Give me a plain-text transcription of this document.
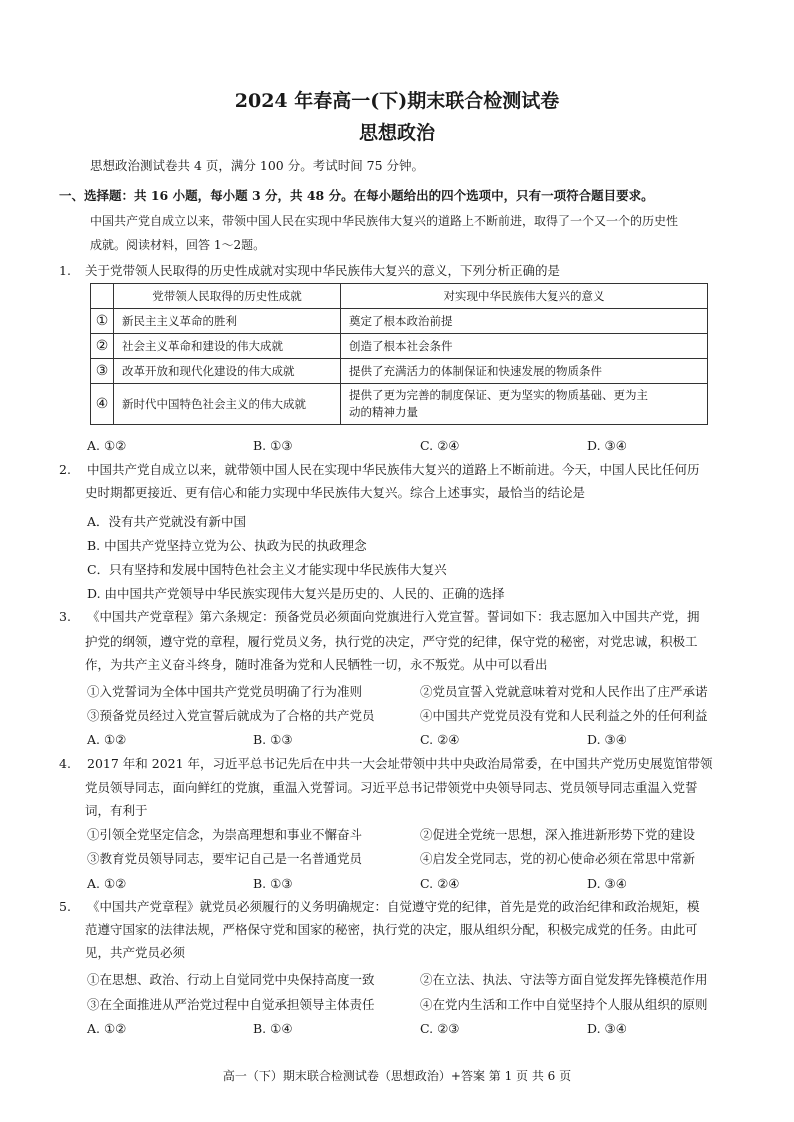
2024 年春高一(下)期末联合检测试卷
思想政治
思想政治测试卷共 4 页，满分 100 分。考试时间 75 分钟。
一、选择题：共 16 小题，每小题 3 分，共 48 分。在每小题给出的四个选项中，只有一项符合题目要求。
中国共产党自成立以来，带领中国人民在实现中华民族伟大复兴的道路上不断前进，取得了一个又一个的历史性
成就。阅读材料，回答 1～2题。
1. 关于党带领人民取得的历史性成就对实现中华民族伟大复兴的意义，下列分析正确的是
	党带领人民取得的历史性成就	对实现中华民族伟大复兴的意义
①	新民主主义革命的胜利	奠定了根本政治前提
②	社会主义革命和建设的伟大成就	创造了根本社会条件
③	改革开放和现代化建设的伟大成就	提供了充满活力的体制保证和快速发展的物质条件
④	新时代中国特色社会主义的伟大成就	提供了更为完善的制度保证、更为坚实的物质基础、更为主
动的精神力量
A. ①②	B. ①③	C. ②④	D. ③④
2. 中国共产党自成立以来，就带领中国人民在实现中华民族伟大复兴的道路上不断前进。今天，中国人民比任何历
史时期都更接近、更有信心和能力实现中华民族伟大复兴。综合上述事实，最恰当的结论是
A．没有共产党就没有新中国
B. 中国共产党坚持立党为公、执政为民的执政理念
C．只有坚持和发展中国特色社会主义才能实现中华民族伟大复兴
D. 由中国共产党领导中华民族实现伟大复兴是历史的、人民的、正确的选择
3. 《中国共产党章程》第六条规定：预备党员必须面向党旗进行入党宣誓。誓词如下：我志愿加入中国共产党，拥
护党的纲领，遵守党的章程，履行党员义务，执行党的决定，严守党的纪律，保守党的秘密，对党忠诚，积极工
作，为共产主义奋斗终身，随时准备为党和人民牺牲一切，永不叛党。从中可以看出
①入党誓词为全体中国共产党党员明确了行为准则	②党员宣誓入党就意味着对党和人民作出了庄严承诺
③预备党员经过入党宣誓后就成为了合格的共产党员	④中国共产党党员没有党和人民利益之外的任何利益
A. ①②	B. ①③	C. ②④	D. ③④
4. 2017 年和 2021 年，习近平总书记先后在中共一大会址带领中共中央政治局常委，在中国共产党历史展览馆带领
党员领导同志，面向鲜红的党旗，重温入党誓词。习近平总书记带领党中央领导同志、党员领导同志重温入党誓
词，有利于
①引领全党坚定信念，为崇高理想和事业不懈奋斗	②促进全党统一思想，深入推进新形势下党的建设
③教育党员领导同志，要牢记自己是一名普通党员	④启发全党同志，党的初心使命必须在常思中常新
A. ①②	B. ①③	C. ②④	D. ③④
5. 《中国共产党章程》就党员必须履行的义务明确规定：自觉遵守党的纪律，首先是党的政治纪律和政治规矩，模
范遵守国家的法律法规，严格保守党和国家的秘密，执行党的决定，服从组织分配，积极完成党的任务。由此可
见，共产党员必须
①在思想、政治、行动上自觉同党中央保持高度一致	②在立法、执法、守法等方面自觉发挥先锋模范作用
③在全面推进从严治党过程中自觉承担领导主体责任	④在党内生活和工作中自觉坚持个人服从组织的原则
A. ①②	B. ①④	C. ②③	D. ③④
高一（下）期末联合检测试卷（思想政治）+答案 第 1 页 共 6 页
